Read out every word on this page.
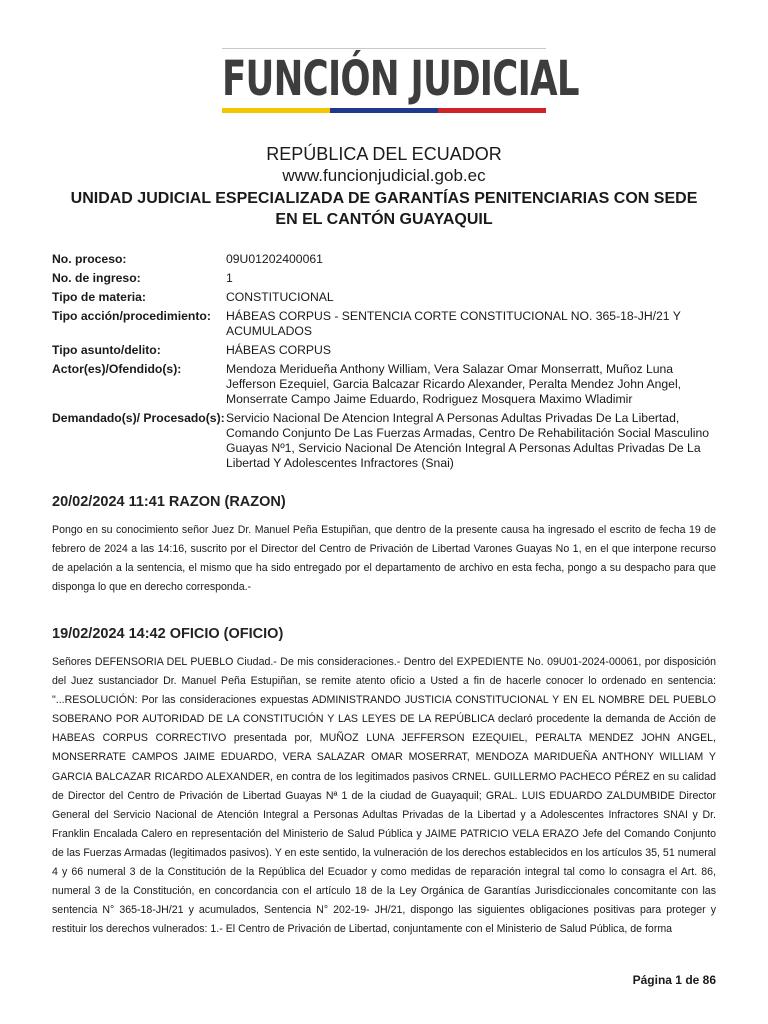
FUNCIÓN JUDICIAL
REPÚBLICA DEL ECUADOR
www.funcionjudicial.gob.ec
UNIDAD JUDICIAL ESPECIALIZADA DE GARANTÍAS PENITENCIARIAS CON SEDE
EN EL CANTÓN GUAYAQUIL
No. proceso:	09U01202400061
No. de ingreso:	1
Tipo de materia:	CONSTITUCIONAL
Tipo acción/procedimiento:	HÁBEAS CORPUS - SENTENCIA CORTE CONSTITUCIONAL NO. 365-18-JH/21 Y ACUMULADOS
Tipo asunto/delito:	HÁBEAS CORPUS
Actor(es)/Ofendido(s):	Mendoza Meridueña Anthony William, Vera Salazar Omar Monserratt, Muñoz Luna Jefferson Ezequiel, Garcia Balcazar Ricardo Alexander, Peralta Mendez John Angel, Monserrate Campo Jaime Eduardo, Rodriguez Mosquera Maximo Wladimir
Demandado(s)/ Procesado(s): Servicio Nacional De Atencion Integral A Personas Adultas Privadas De La Libertad, Comando Conjunto De Las Fuerzas Armadas, Centro De Rehabilitación Social Masculino Guayas Nº1, Servicio Nacional De Atención Integral A Personas Adultas Privadas De La Libertad Y Adolescentes Infractores (Snai)
20/02/2024 11:41 RAZON (RAZON)
Pongo en su conocimiento señor Juez Dr. Manuel Peña Estupiñan, que dentro de la presente causa ha ingresado el escrito de fecha 19 de febrero de 2024 a las 14:16, suscrito por el Director del Centro de Privación de Libertad Varones Guayas No 1, en el que interpone recurso de apelación a la sentencia, el mismo que ha sido entregado por el departamento de archivo en esta fecha, pongo a su despacho para que disponga lo que en derecho corresponda.-
19/02/2024 14:42 OFICIO (OFICIO)
Señores DEFENSORIA DEL PUEBLO Ciudad.- De mis consideraciones.- Dentro del EXPEDIENTE No. 09U01-2024-00061, por disposición del Juez sustanciador Dr. Manuel Peña Estupiñan, se remite atento oficio a Usted a fin de hacerle conocer lo ordenado en sentencia: "...RESOLUCIÓN: Por las consideraciones expuestas ADMINISTRANDO JUSTICIA CONSTITUCIONAL Y EN EL NOMBRE DEL PUEBLO SOBERANO POR AUTORIDAD DE LA CONSTITUCIÓN Y LAS LEYES DE LA REPÚBLICA declaró procedente la demanda de Acción de HABEAS CORPUS CORRECTIVO presentada por, MUÑOZ LUNA JEFFERSON EZEQUIEL, PERALTA MENDEZ JOHN ANGEL, MONSERRATE CAMPOS JAIME EDUARDO, VERA SALAZAR OMAR MOSERRAT, MENDOZA MARIDUEÑA ANTHONY WILLIAM Y GARCIA BALCAZAR RICARDO ALEXANDER, en contra de los legitimados pasivos CRNEL. GUILLERMO PACHECO PÉREZ en su calidad de Director del Centro de Privación de Libertad Guayas Nª 1 de la ciudad de Guayaquil; GRAL. LUIS EDUARDO ZALDUMBIDE Director General del Servicio Nacional de Atención Integral a Personas Adultas Privadas de la Libertad y a Adolescentes Infractores SNAI y Dr. Franklin Encalada Calero en representación del Ministerio de Salud Pública y JAIME PATRICIO VELA ERAZO Jefe del Comando Conjunto de las Fuerzas Armadas (legitimados pasivos). Y en este sentido, la vulneración de los derechos establecidos en los artículos 35, 51 numeral 4 y 66 numeral 3 de la Constitución de la República del Ecuador y como medidas de reparación integral tal como lo consagra el Art. 86, numeral 3 de la Constitución, en concordancia con el artículo 18 de la Ley Orgánica de Garantías Jurisdiccionales concomitante con las sentencia N° 365-18-JH/21 y acumulados, Sentencia N° 202-19- JH/21, dispongo las siguientes obligaciones positivas para proteger y restituir los derechos vulnerados: 1.- El Centro de Privación de Libertad, conjuntamente con el Ministerio de Salud Pública, de forma
Página 1 de 86
